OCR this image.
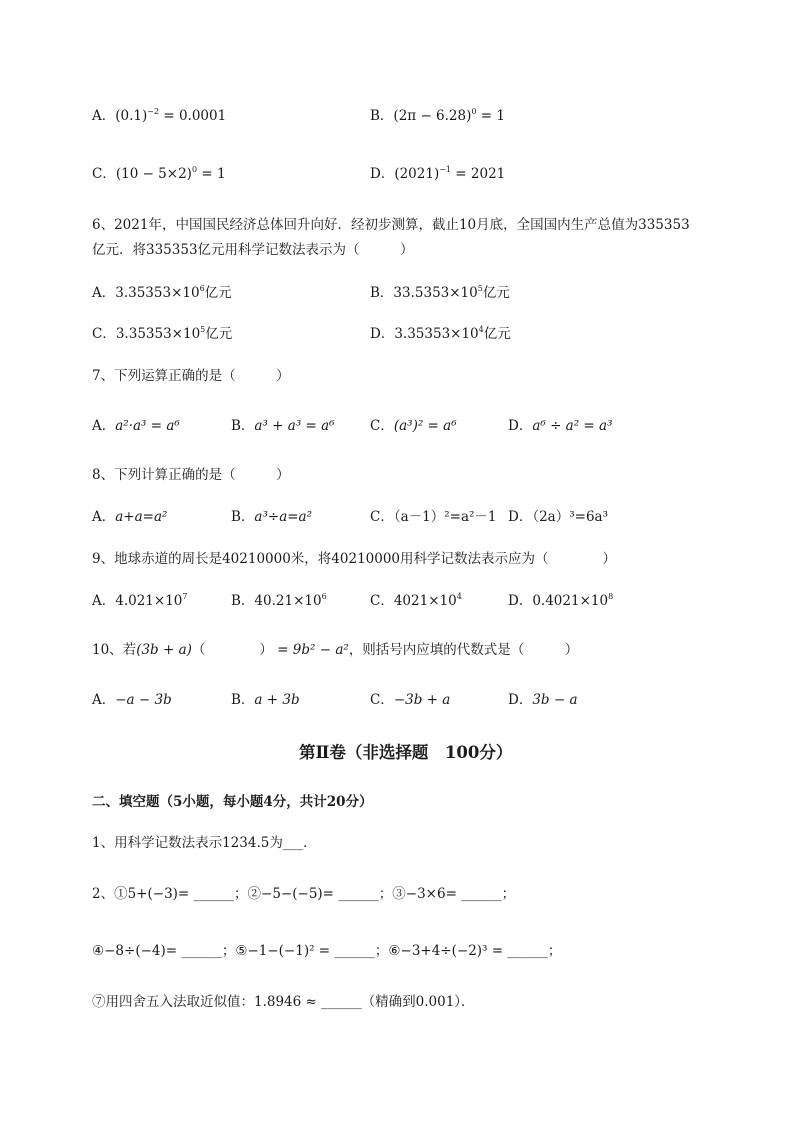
A．$(0.1)^{-2} = 0.0001$	B．$(2\pi - 6.28)^0 = 1$
C．$(10 - 5\times 2)^0 = 1$	D．$(2021)^{-1} = 2021$
6、2021年，中国国民经济总体回升向好．经初步测算，截止10月底，全国国内生产总值为335353
亿元．将335353亿元用科学记数法表示为（　　　）
A．$3.35353\times 10^6$亿元	B．$33.5353\times 10^5$亿元
C．$3.35353\times 10^5$亿元	D．$3.35353\times 10^4$亿元
7、下列运算正确的是（　　　）
A．a²·a³ = a⁶	B．a³ + a³ = a⁶	C．(a³)² = a⁶	D．a⁶ ÷ a² = a³
8、下列计算正确的是（　　　）
A．a+a=a²	B．a³÷a=a²	C．（a－1）²=a²－1 D．（2a）³=6a³
9、地球赤道的周长是40210000米，将40210000用科学记数法表示应为（　　　　）
A．$4.021\times 10^7$	B．$40.21\times 10^6$	C．$4021\times 10^4$	D．$0.4021\times 10^8$
10、若(3b + a)（　　　　） = 9b² − a²，则括号内应填的代数式是（　　　）
A．−a − 3b	B．a + 3b	C．−3b + a	D．3b − a
第Ⅱ卷（非选择题　100分）
二、填空题（5小题，每小题4分，共计20分）
1、用科学记数法表示1234.5为___．
2、①5+(−3)= ______；②−5−(−5)= ______；③−3×6= ______；
④−8÷(−4)= ______；⑤−1−(−1)² = ______；⑥−3+4÷(−2)³ = ______；
⑦用四舍五入法取近似值：1.8946 ≈ ______（精确到0.001）．
